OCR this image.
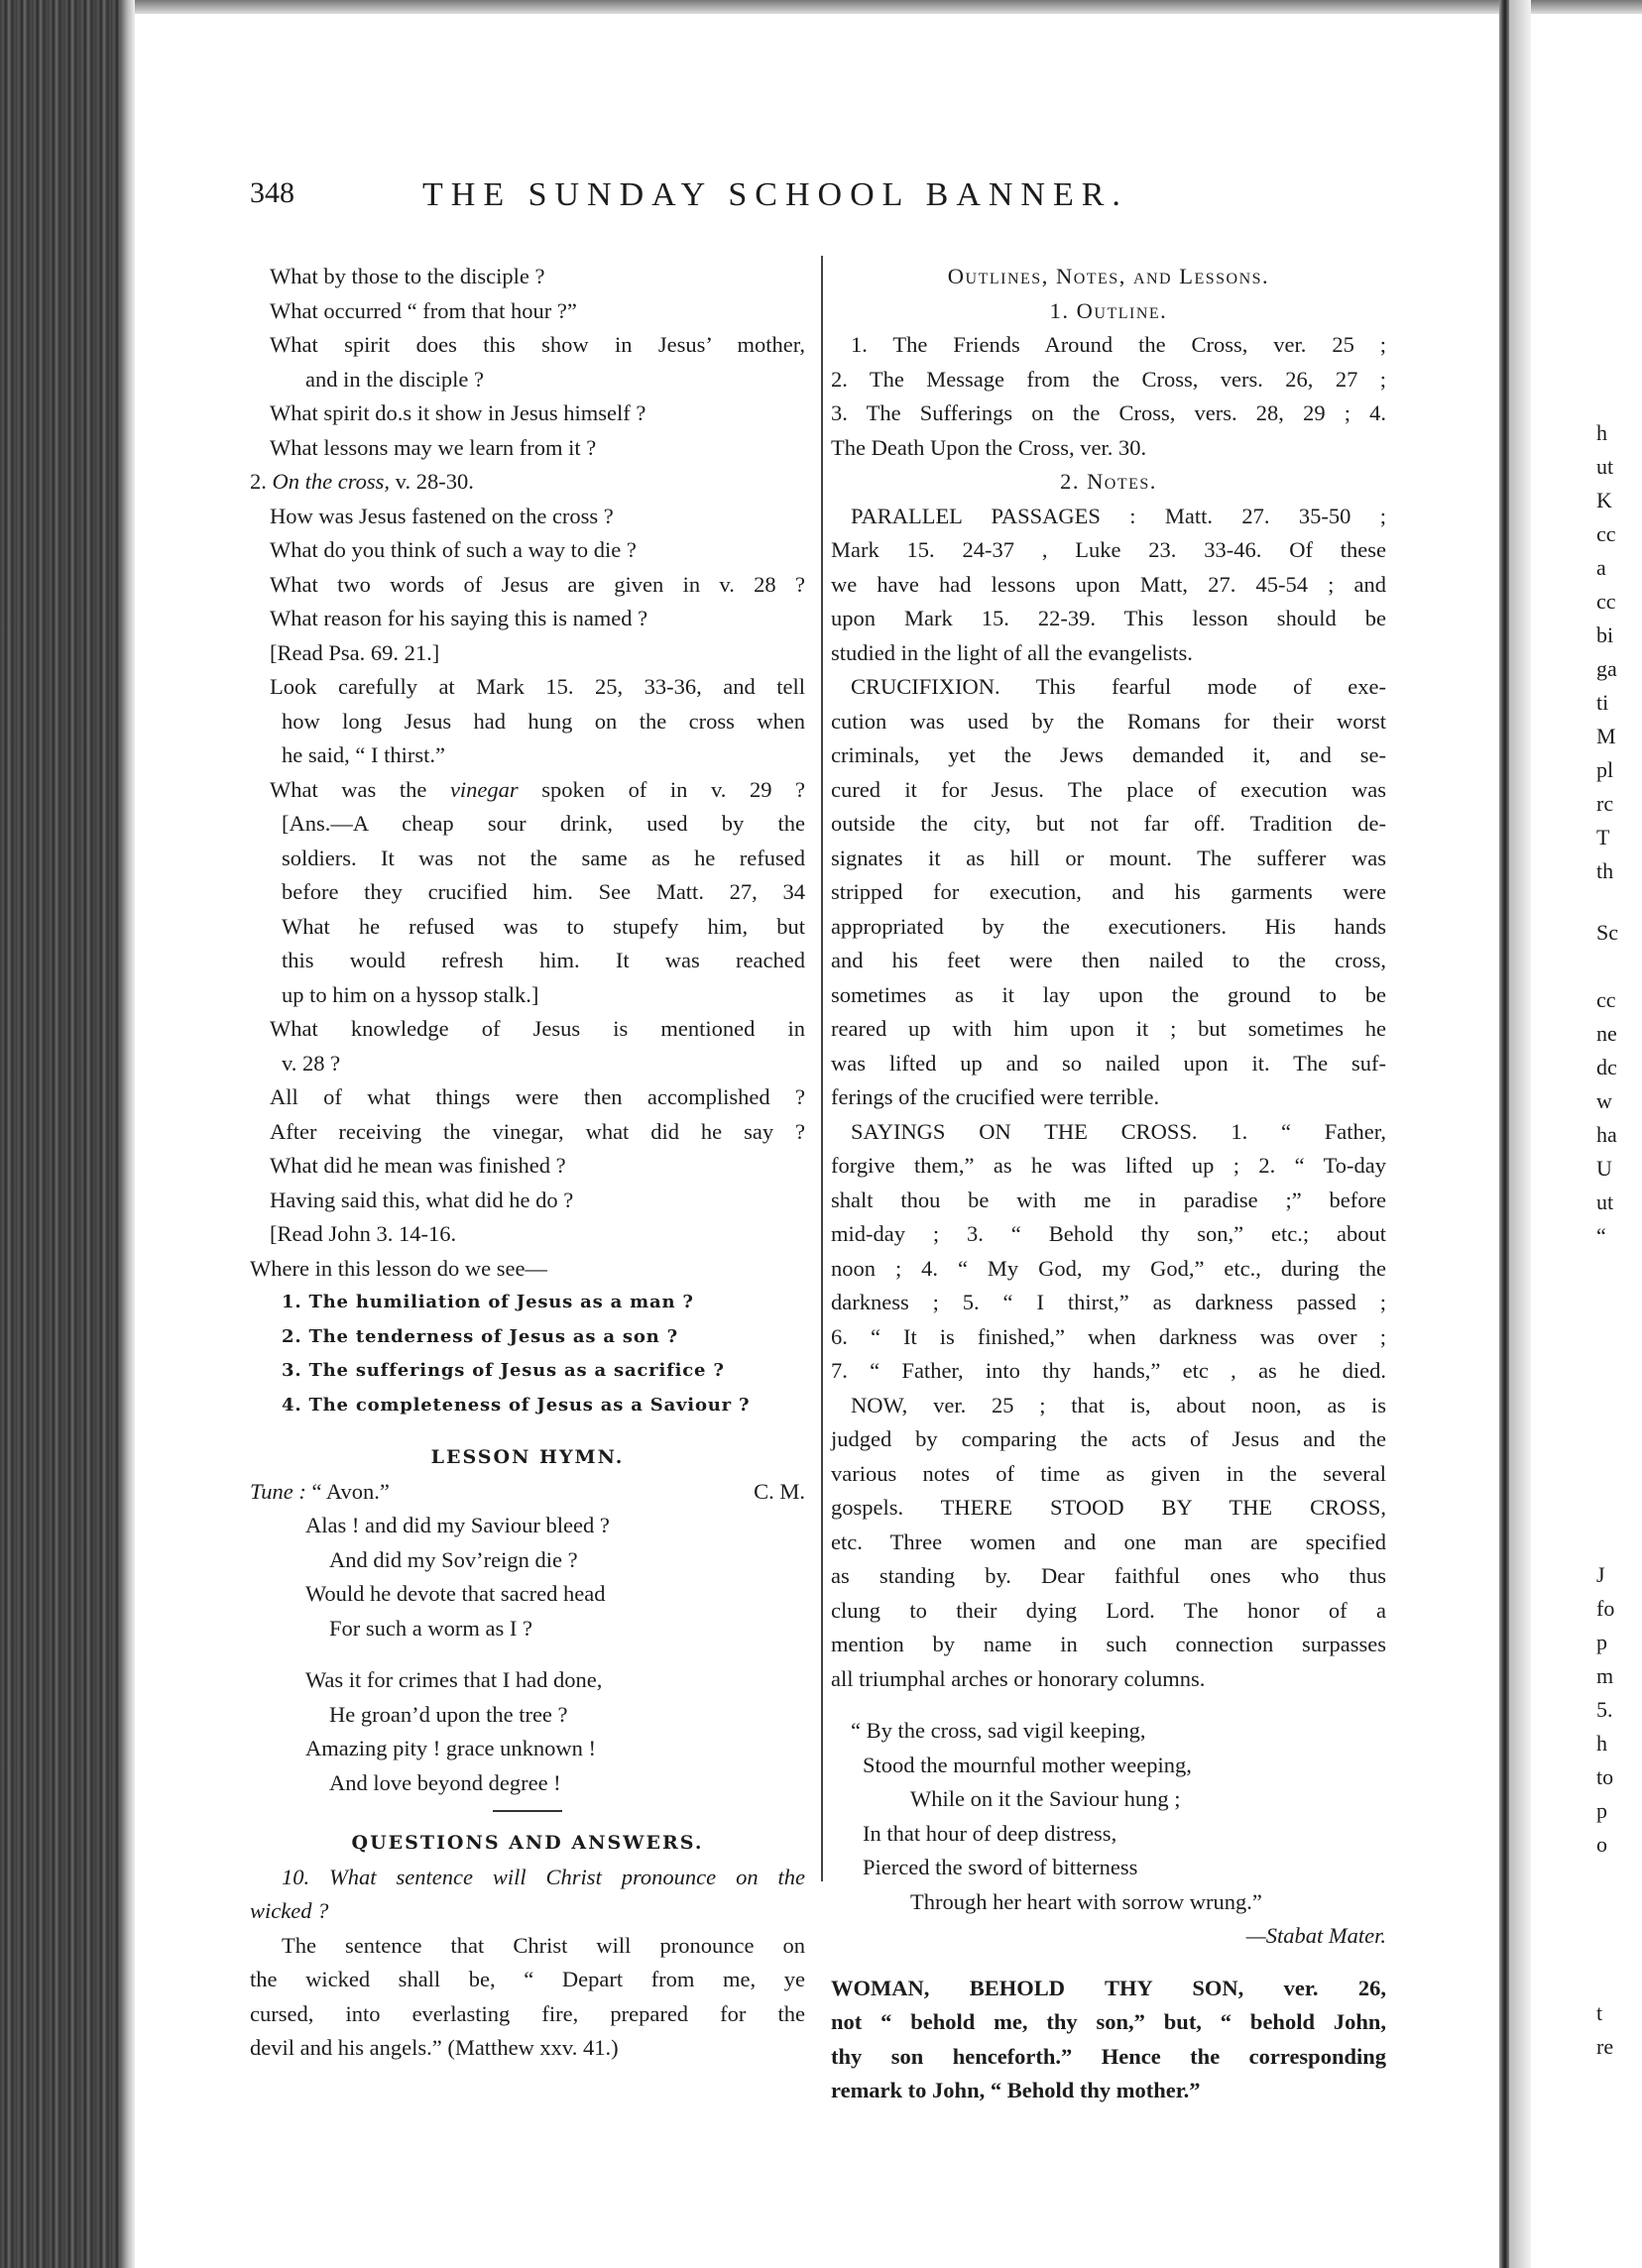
348	THE SUNDAY SCHOOL BANNER.
What by those to the disciple ?
What occurred “ from that hour ?”
What spirit does this show in Jesus’ mother,
and in the disciple ?
What spirit do.s it show in Jesus himself ?
What lessons may we learn from it ?
2. On the cross, v. 28-30.
How was Jesus fastened on the cross ?
What do you think of such a way to die ?
What two words of Jesus are given in v. 28 ?
What reason for his saying this is named ?
[Read Psa. 69. 21.]
Look carefully at Mark 15. 25, 33-36, and tell
how long Jesus had hung on the cross when
he said, “ I thirst.”
What was the vinegar spoken of in v. 29 ?
[Ans.—A cheap sour drink, used by the
soldiers. It was not the same as he refused
before they crucified him. See Matt. 27, 34
What he refused was to stupefy him, but
this would refresh him. It was reached
up to him on a hyssop stalk.]
What knowledge of Jesus is mentioned in
v. 28 ?
All of what things were then accomplished ?
After receiving the vinegar, what did he say ?
What did he mean was finished ?
Having said this, what did he do ?
[Read John 3. 14-16.
Where in this lesson do we see—
1. The humiliation of Jesus as a man ?
2. The tenderness of Jesus as a son ?
3. The sufferings of Jesus as a sacrifice ?
4. The completeness of Jesus as a Saviour ?
LESSON HYMN.
Tune : “ Avon.”	C. M.
Alas ! and did my Saviour bleed ?
And did my Sov’reign die ?
Would he devote that sacred head
For such a worm as I ?
Was it for crimes that I had done,
He groan’d upon the tree ?
Amazing pity ! grace unknown !
And love beyond degree !
QUESTIONS AND ANSWERS.
10. What sentence will Christ pronounce on the
wicked ?
The sentence that Christ will pronounce on
the wicked shall be, “ Depart from me, ye
cursed, into everlasting fire, prepared for the
devil and his angels.” (Matthew xxv. 41.)
Outlines, Notes, and Lessons.
1. Outline.
1. The Friends Around the Cross, ver. 25 ;
2. The Message from the Cross, vers. 26, 27 ;
3. The Sufferings on the Cross, vers. 28, 29 ; 4.
The Death Upon the Cross, ver. 30.
2. Notes.
PARALLEL PASSAGES : Matt. 27. 35-50 ;
Mark 15. 24-37 , Luke 23. 33-46. Of these
we have had lessons upon Matt, 27. 45-54 ; and
upon Mark 15. 22-39. This lesson should be
studied in the light of all the evangelists.
CRUCIFIXION. This fearful mode of exe-
cution was used by the Romans for their worst
criminals, yet the Jews demanded it, and se-
cured it for Jesus. The place of execution was
outside the city, but not far off. Tradition de-
signates it as hill or mount. The sufferer was
stripped for execution, and his garments were
appropriated by the executioners. His hands
and his feet were then nailed to the cross,
sometimes as it lay upon the ground to be
reared up with him upon it ; but sometimes he
was lifted up and so nailed upon it. The suf-
ferings of the crucified were terrible.
SAYINGS ON THE CROSS. 1. “ Father,
forgive them,” as he was lifted up ; 2. “ To-day
shalt thou be with me in paradise ;” before
mid-day ; 3. “ Behold thy son,” etc.; about
noon ; 4. “ My God, my God,” etc., during the
darkness ; 5. “ I thirst,” as darkness passed ;
6. “ It is finished,” when darkness was over ;
7. “ Father, into thy hands,” etc , as he died.
NOW, ver. 25 ; that is, about noon, as is
judged by comparing the acts of Jesus and the
various notes of time as given in the several
gospels. THERE STOOD BY THE CROSS,
etc. Three women and one man are specified
as standing by. Dear faithful ones who thus
clung to their dying Lord. The honor of a
mention by name in such connection surpasses
all triumphal arches or honorary columns.
“ By the cross, sad vigil keeping,
Stood the mournful mother weeping,
While on it the Saviour hung ;
In that hour of deep distress,
Pierced the sword of bitterness
Through her heart with sorrow wrung.”
—Stabat Mater.
WOMAN, BEHOLD THY SON, ver. 26,
not “ behold me, thy son,” but, “ behold John,
thy son henceforth.” Hence the corresponding
remark to John, “ Behold thy mother.”
h
ut
K
cc
a
cc
bi
ga
ti
M
pl
rc
T
th
Sc
cc
ne
dc
w
ha
U
ut
“
J
fo
p
m
5.
h
to
p
o
t
re
